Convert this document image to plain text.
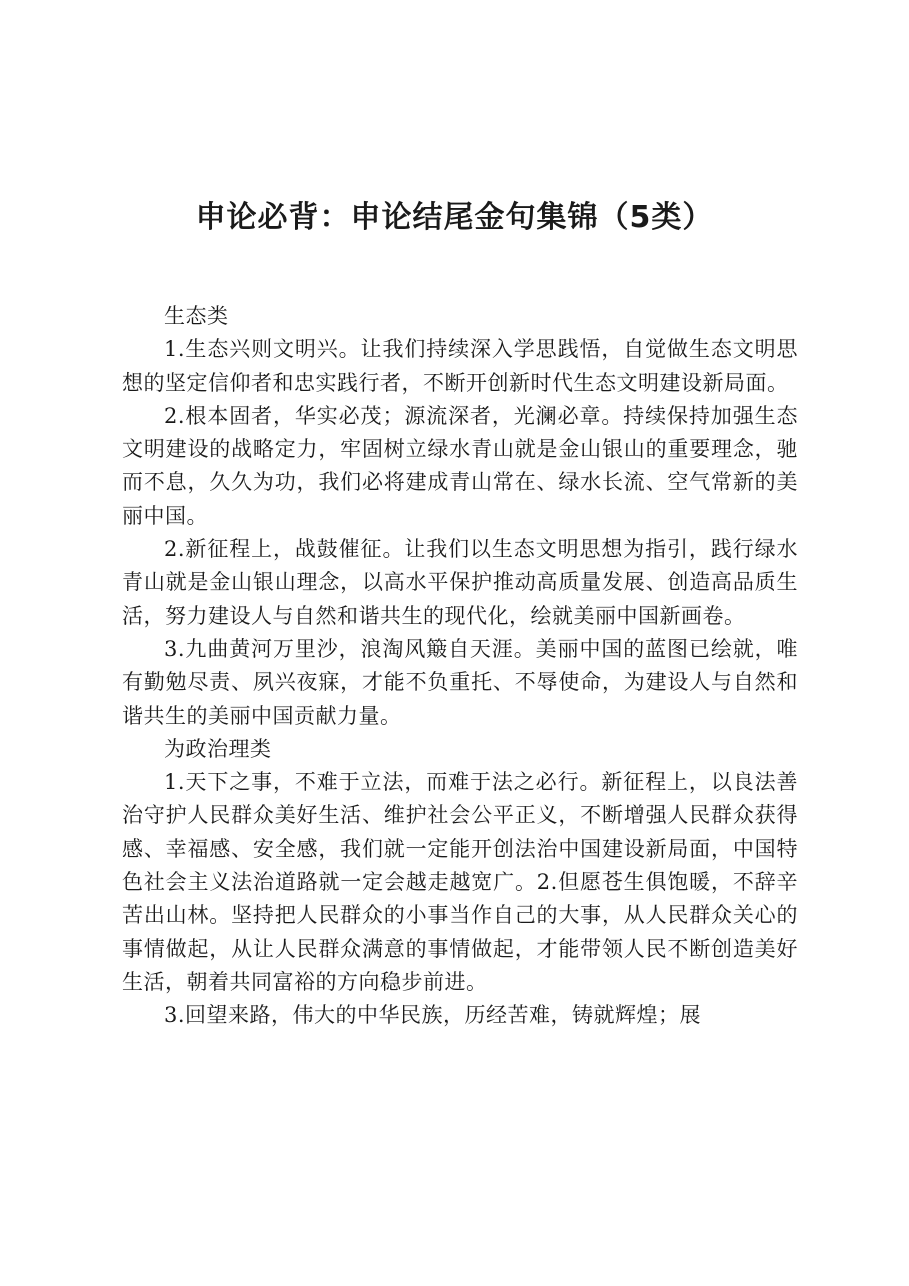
申论必背：申论结尾金句集锦（5类）

生态类

1.生态兴则文明兴。让我们持续深入学思践悟，自觉做生态文明思想的坚定信仰者和忠实践行者，不断开创新时代生态文明建设新局面。

2.根本固者，华实必茂；源流深者，光澜必章。持续保持加强生态文明建设的战略定力，牢固树立绿水青山就是金山银山的重要理念，驰而不息，久久为功，我们必将建成青山常在、绿水长流、空气常新的美丽中国。

2.新征程上，战鼓催征。让我们以生态文明思想为指引，践行绿水青山就是金山银山理念，以高水平保护推动高质量发展、创造高品质生活，努力建设人与自然和谐共生的现代化，绘就美丽中国新画卷。

3.九曲黄河万里沙，浪淘风簸自天涯。美丽中国的蓝图已绘就，唯有勤勉尽责、夙兴夜寐，才能不负重托、不辱使命，为建设人与自然和谐共生的美丽中国贡献力量。

为政治理类

1.天下之事，不难于立法，而难于法之必行。新征程上，以良法善治守护人民群众美好生活、维护社会公平正义，不断增强人民群众获得感、幸福感、安全感，我们就一定能开创法治中国建设新局面，中国特色社会主义法治道路就一定会越走越宽广。2.但愿苍生俱饱暖，不辞辛苦出山林。坚持把人民群众的小事当作自己的大事，从人民群众关心的事情做起，从让人民群众满意的事情做起，才能带领人民不断创造美好生活，朝着共同富裕的方向稳步前进。

3.回望来路，伟大的中华民族，历经苦难，铸就辉煌；展
